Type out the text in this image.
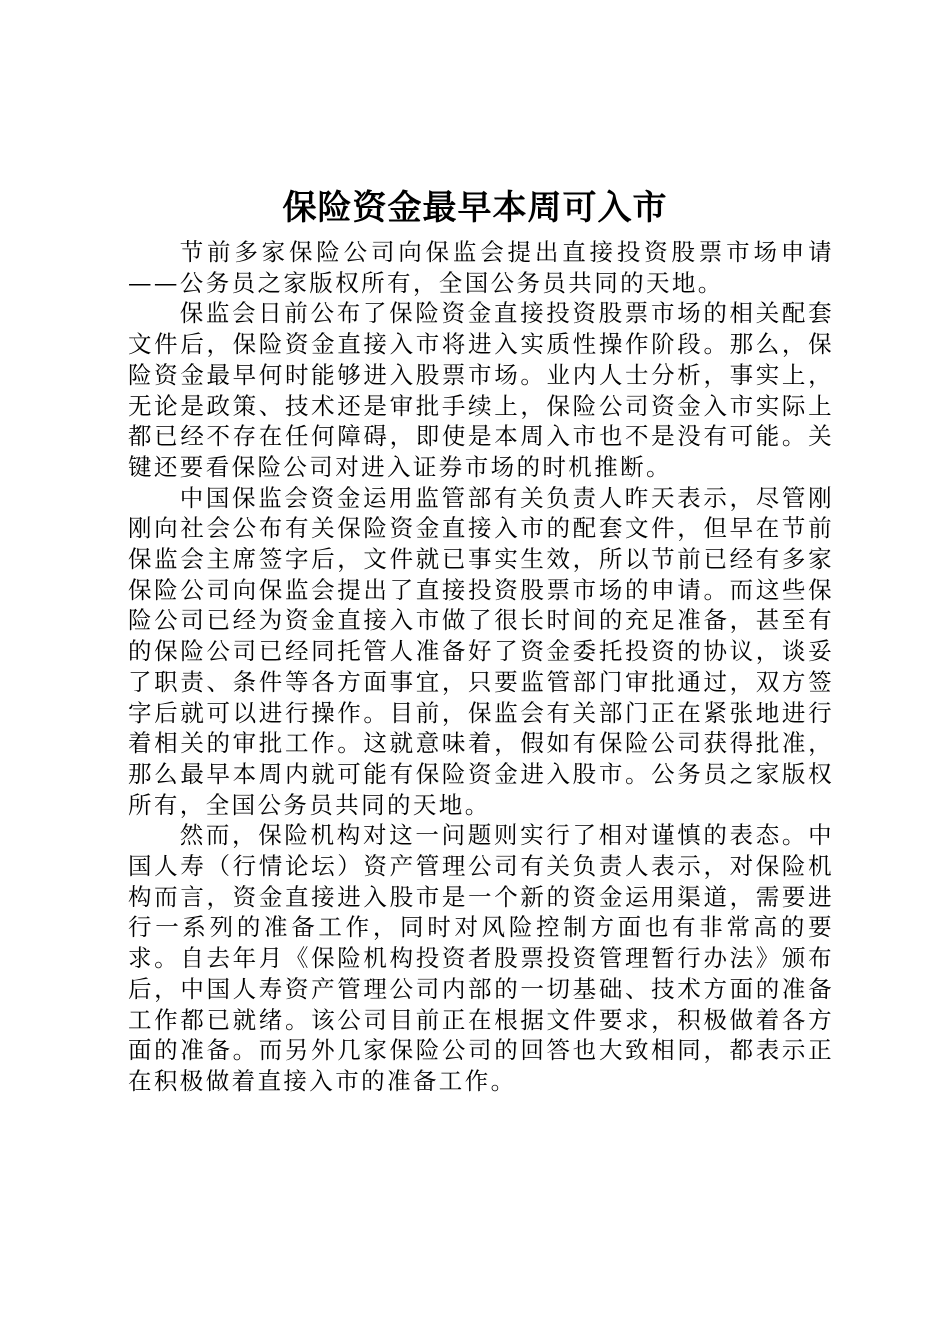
保险资金最早本周可入市

节前多家保险公司向保监会提出直接投资股票市场申请——公务员之家版权所有，全国公务员共同的天地。

保监会日前公布了保险资金直接投资股票市场的相关配套文件后，保险资金直接入市将进入实质性操作阶段。那么，保险资金最早何时能够进入股票市场。业内人士分析，事实上，无论是政策、技术还是审批手续上，保险公司资金入市实际上都已经不存在任何障碍，即使是本周入市也不是没有可能。关键还要看保险公司对进入证券市场的时机推断。

中国保监会资金运用监管部有关负责人昨天表示，尽管刚刚向社会公布有关保险资金直接入市的配套文件，但早在节前保监会主席签字后，文件就已事实生效，所以节前已经有多家保险公司向保监会提出了直接投资股票市场的申请。而这些保险公司已经为资金直接入市做了很长时间的充足准备，甚至有的保险公司已经同托管人准备好了资金委托投资的协议，谈妥了职责、条件等各方面事宜，只要监管部门审批通过，双方签字后就可以进行操作。目前，保监会有关部门正在紧张地进行着相关的审批工作。这就意味着，假如有保险公司获得批准，那么最早本周内就可能有保险资金进入股市。公务员之家版权所有，全国公务员共同的天地。

然而，保险机构对这一问题则实行了相对谨慎的表态。中国人寿（行情论坛）资产管理公司有关负责人表示，对保险机构而言，资金直接进入股市是一个新的资金运用渠道，需要进行一系列的准备工作，同时对风险控制方面也有非常高的要求。自去年月《保险机构投资者股票投资管理暂行办法》颁布后，中国人寿资产管理公司内部的一切基础、技术方面的准备工作都已就绪。该公司目前正在根据文件要求，积极做着各方面的准备。而另外几家保险公司的回答也大致相同，都表示正在积极做着直接入市的准备工作。
